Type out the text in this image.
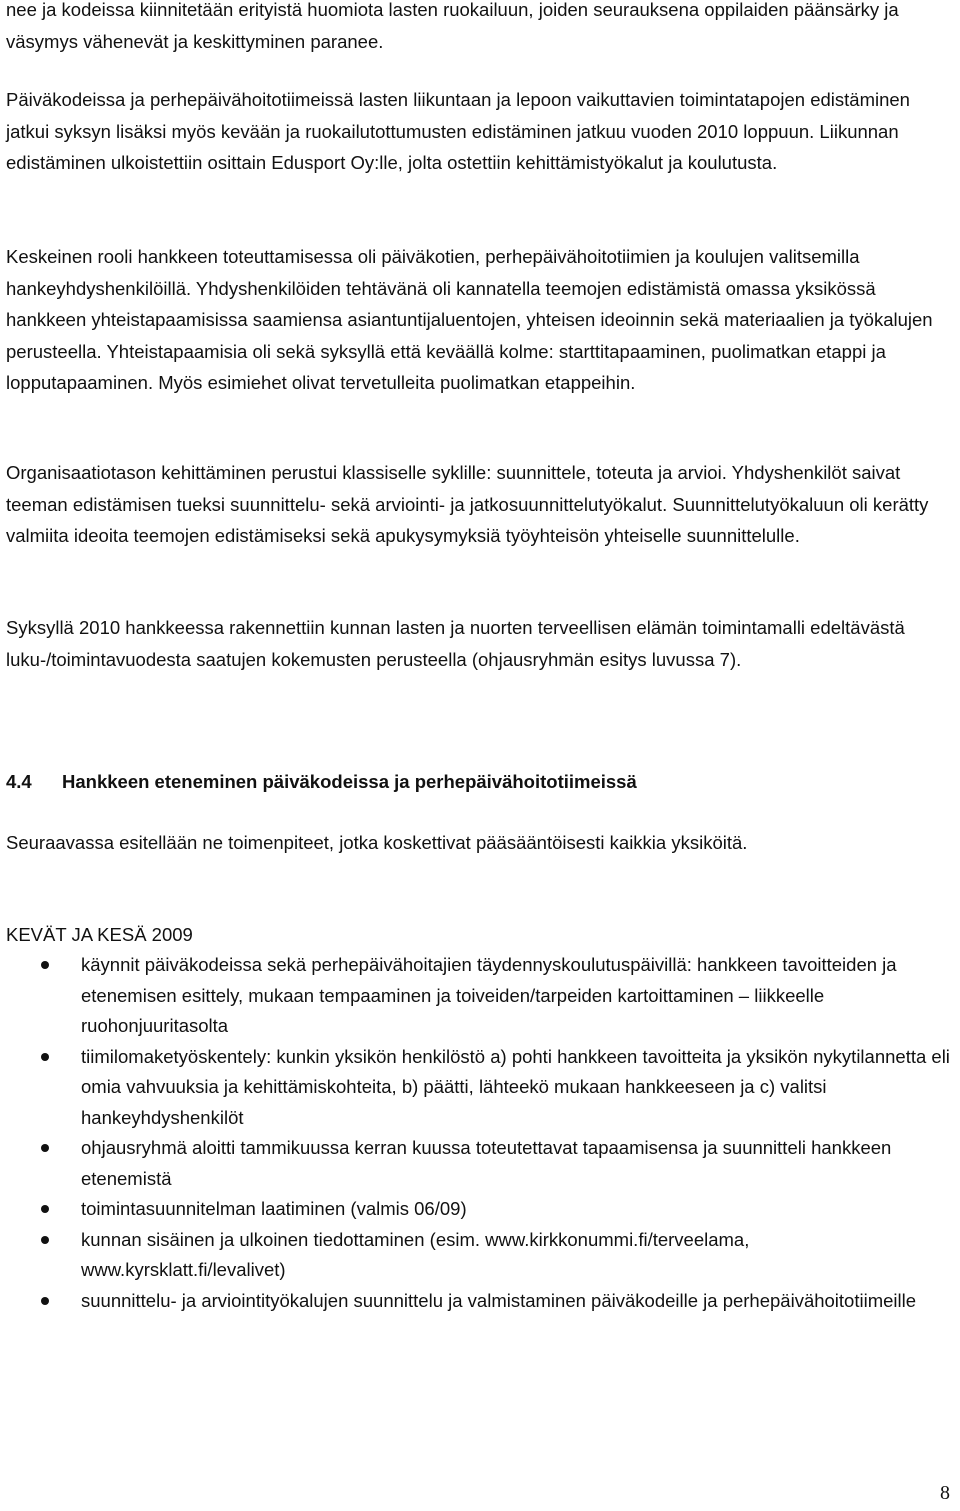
nee ja kodeissa kiinnitetään erityistä huomiota lasten ruokailuun, joiden seurauksena oppilaiden päänsärky ja väsymys vähenevät ja keskittyminen paranee.

Päiväkodeissa ja perhepäivähoitotiimeissä lasten liikuntaan ja lepoon vaikuttavien toimintatapojen edistäminen jatkui syksyn lisäksi myös kevään ja ruokailutottumusten edistäminen jatkuu vuoden 2010 loppuun. Liikunnan edistäminen ulkoistettiin osittain Edusport Oy:lle, jolta ostettiin kehittämistyökalut ja koulutusta.

Keskeinen rooli hankkeen toteuttamisessa oli päiväkotien, perhepäivähoitotiimien ja koulujen valitsemilla hankeyhdyshenkilöillä. Yhdyshenkilöiden tehtävänä oli kannatella teemojen edistämistä omassa yksikössä hankkeen yhteistapaamisissa saamiensa asiantuntijaluentojen, yhteisen ideoinnin sekä materiaalien ja työkalujen perusteella. Yhteistapaamisia oli sekä syksyllä että keväällä kolme: starttitapaaminen, puolimatkan etappi ja lopputapaaminen. Myös esimiehet olivat tervetulleita puolimatkan etappeihin.

Organisaatiotason kehittäminen perustui klassiselle syklille: suunnittele, toteuta ja arvioi. Yhdyshenkilöt saivat teeman edistämisen tueksi suunnittelu- sekä arviointi- ja jatkosuunnittelutyökalut. Suunnittelutyökaluun oli kerätty valmiita ideoita teemojen edistämiseksi sekä apukysymyksiä työyhteisön yhteiselle suunnittelulle.

Syksyllä 2010 hankkeessa rakennettiin kunnan lasten ja nuorten terveellisen elämän toimintamalli edeltävästä luku-/toimintavuodesta saatujen kokemusten perusteella (ohjausryhmän esitys luvussa 7).

4.4 Hankkeen eteneminen päiväkodeissa ja perhepäivähoitotiimeissä

Seuraavassa esitellään ne toimenpiteet, jotka koskettivat pääsääntöisesti kaikkia yksiköitä.

KEVÄT JA KESÄ 2009

käynnit päiväkodeissa sekä perhepäivähoitajien täydennyskoulutuspäivillä: hankkeen tavoitteiden ja etenemisen esittely, mukaan tempaaminen ja toiveiden/tarpeiden kartoittaminen – liikkeelle ruohonjuuritasolta
tiimilomaketyöskentely: kunkin yksikön henkilöstö a) pohti hankkeen tavoitteita ja yksikön nykytilannetta eli omia vahvuuksia ja kehittämiskohteita, b) päätti, lähteekö mukaan hankkeeseen ja c) valitsi hankeyhdyshenkilöt
ohjausryhmä aloitti tammikuussa kerran kuussa toteutettavat tapaamisensa ja suunnitteli hankkeen etenemistä
toimintasuunnitelman laatiminen (valmis 06/09)
kunnan sisäinen ja ulkoinen tiedottaminen (esim. www.kirkkonummi.fi/terveelama, www.kyrsklatt.fi/levalivet)
suunnittelu- ja arviointityökalujen suunnittelu ja valmistaminen päiväkodeille ja perhepäivähoitotiimeille
8
